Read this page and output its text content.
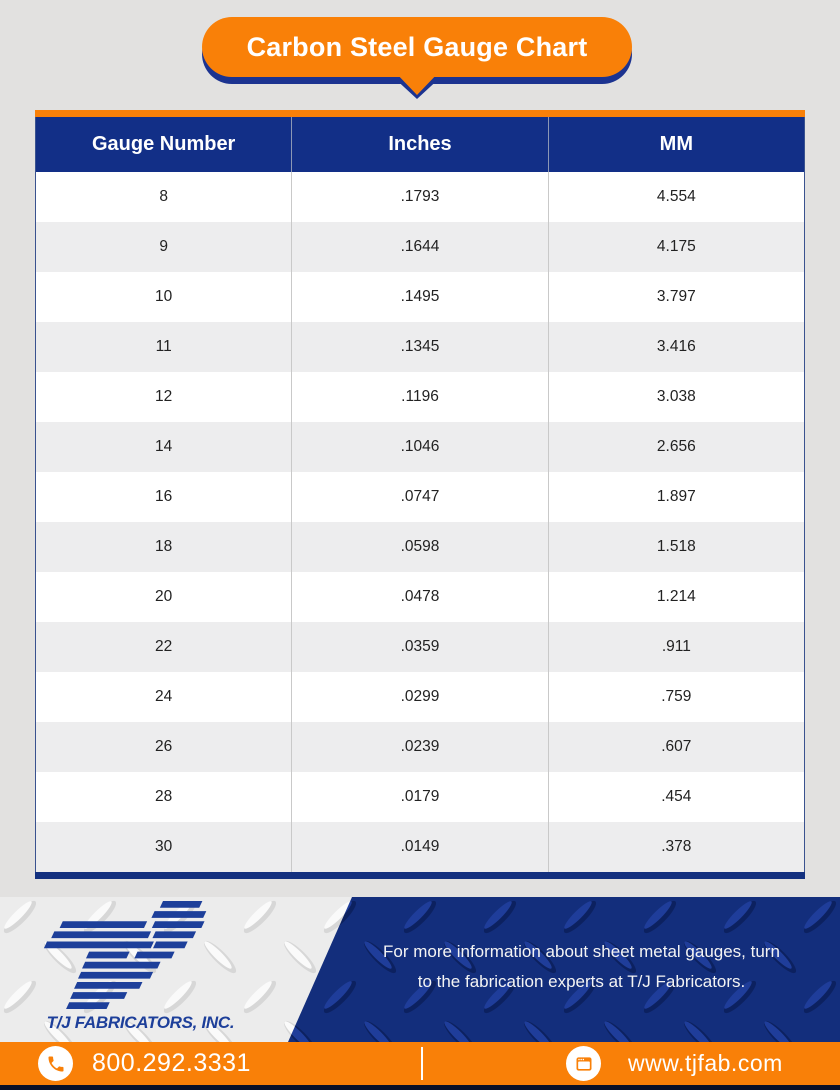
Carbon Steel Gauge Chart
Gauge Number	Inches	MM
8	.1793	4.554
9	.1644	4.175
10	.1495	3.797
11	.1345	3.416
12	.1196	3.038
14	.1046	2.656
16	.0747	1.897
18	.0598	1.518
20	.0478	1.214
22	.0359	.911
24	.0299	.759
26	.0239	.607
28	.0179	.454
30	.0149	.378
T/J FABRICATORS, INC.
For more information about sheet metal gauges, turn
to the fabrication experts at T/J Fabricators.
800.292.3331	www.tjfab.com
